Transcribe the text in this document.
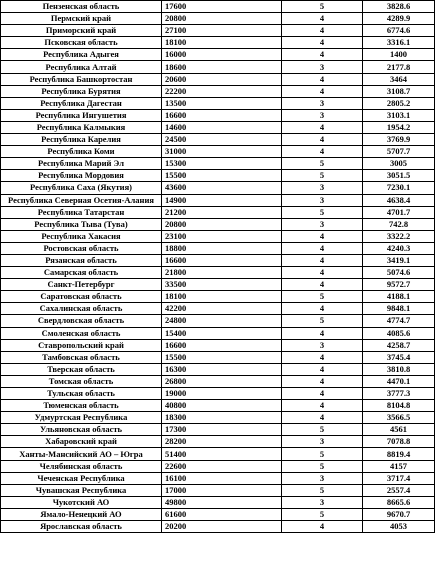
Пензенская область	17600	5	3828.6
Пермский край	20800	4	4289.9
Приморский край	27100	4	6774.6
Псковская область	18100	4	3316.1
Республика Адыгея	16000	4	1400
Республика Алтай	18600	3	2177.8
Республика Башкортостан	20600	4	3464
Республика Бурятия	22200	4	3108.7
Республика Дагестан	13500	3	2805.2
Республика Ингушетия	16600	3	3103.1
Республика Калмыкия	14600	4	1954.2
Республика Карелия	24500	4	3769.9
Республика Коми	31000	4	5707.7
Республика Марий Эл	15300	5	3005
Республика Мордовия	15500	5	3051.5
Республика Саха (Якутия)	43600	3	7230.1
Республика Северная Осетия-Алания	14900	3	4638.4
Республика Татарстан	21200	5	4701.7
Республика Тыва (Тува)	20800	3	742.8
Республика Хакасия	23100	4	3322.2
Ростовская область	18800	4	4240.3
Рязанская область	16600	4	3419.1
Самарская область	21800	4	5074.6
Санкт-Петербург	33500	4	9572.7
Саратовская область	18100	5	4188.1
Сахалинская область	42200	4	9848.1
Свердловская область	24800	5	4774.7
Смоленская область	15400	4	4085.6
Ставропольский край	16600	3	4258.7
Тамбовская область	15500	4	3745.4
Тверская область	16300	4	3810.8
Томская область	26800	4	4470.1
Тульская область	19000	4	3777.3
Тюменская область	40800	4	8104.8
Удмуртская Республика	18300	4	3566.5
Ульяновская область	17300	5	4561
Хабаровский край	28200	3	7078.8
Ханты-Мансийский АО – Югра	51400	5	8819.4
Челябинская область	22600	5	4157
Чеченская Республика	16100	3	3717.4
Чувашская Республика	17000	5	2557.4
Чукотский АО	49800	3	8665.6
Ямало-Ненецкий АО	61600	5	9670.7
Ярославская область	20200	4	4053
